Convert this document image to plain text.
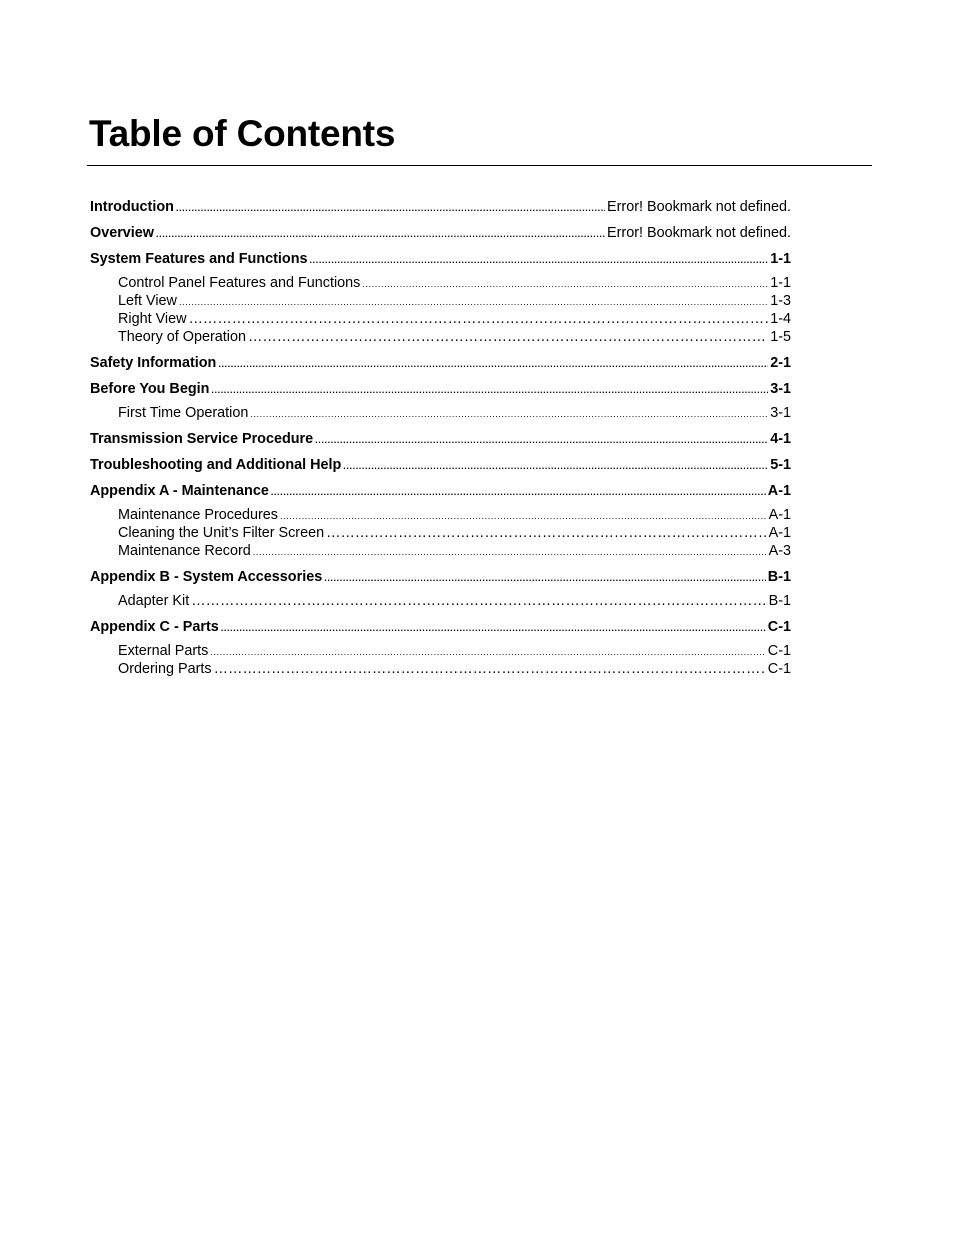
Table of Contents
Introduction .....	Error! Bookmark not defined.
Overview .....	Error! Bookmark not defined.
System Features and Functions .....	1-1
Control Panel Features and Functions .....	1-1
Left View .....	1-3
Right View ………………………………………………………………………………………………………………………………………………………………………………………………………………	1-4
Theory of Operation ………………………………………………………………………………………………………………………………………………………………………………………………………………	1-5
Safety Information .....	2-1
Before You Begin .....	3-1
First Time Operation .....	3-1
Transmission Service Procedure .....	4-1
Troubleshooting and Additional Help .....	5-1
Appendix A - Maintenance .....	A-1
Maintenance Procedures .....	A-1
Cleaning the Unit’s Filter Screen ………………………………………………………………………………………………………………………………………………………………………………………………………………	A-1
Maintenance Record .....	A-3
Appendix B - System Accessories .....	B-1
Adapter Kit ………………………………………………………………………………………………………………………………………………………………………………………………………………	B-1
Appendix C - Parts .....	C-1
External Parts .....	C-1
Ordering Parts ………………………………………………………………………………………………………………………………………………………………………………………………………………	C-1
